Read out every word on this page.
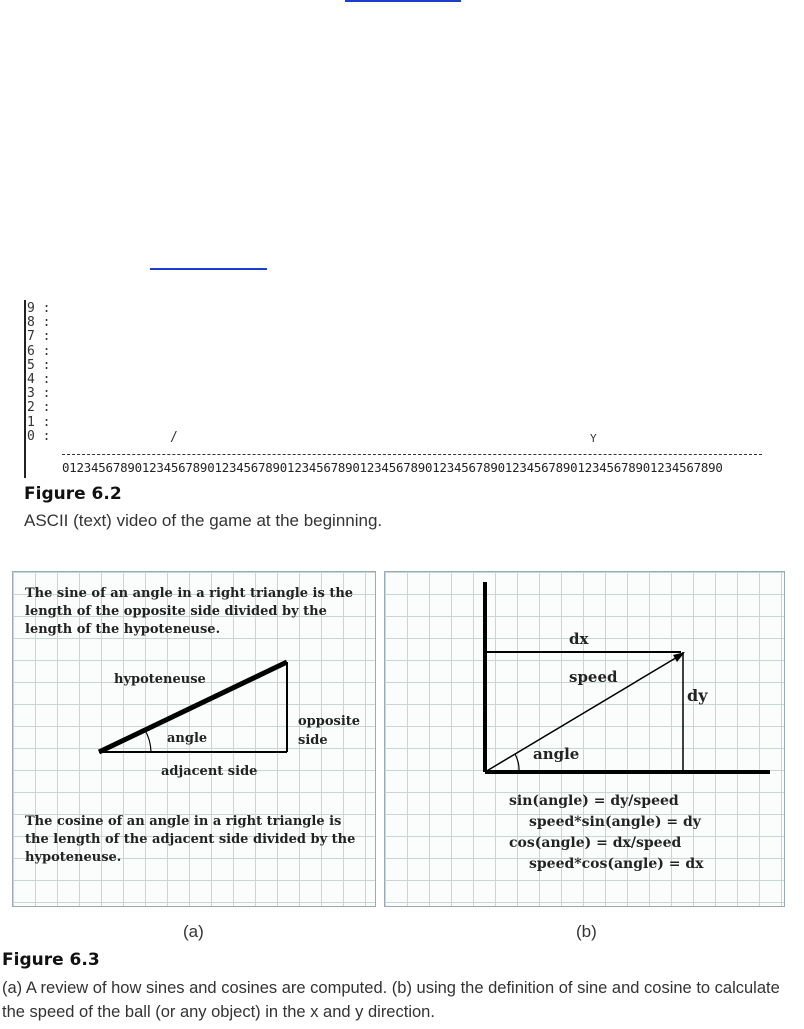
9 :
8 :
7 :
6 :
5 :
4 :
3 :
2 :
1 :
0 :	/	Y
0123456789012345678901234567890123456789012345678901234567890123456789012345678901234567890
Figure 6.2
ASCII (text) video of the game at the beginning.
The sine of an angle in a right triangle is the length of the opposite side divided by the length of the hypoteneuse.
hypoteneuse
angle
opposite
side
adjacent side
The cosine of an angle in a right triangle is the length of the adjacent side divided by the hypoteneuse.
(a)
dx
dy
speed
angle
sin(angle) = dy/speed
speed*sin(angle) = dy
cos(angle) = dx/speed
speed*cos(angle) = dx
(b)
Figure 6.3
(a) A review of how sines and cosines are computed. (b) using the definition of sine and cosine to calculate the speed of the ball (or any object) in the x and y direction.
